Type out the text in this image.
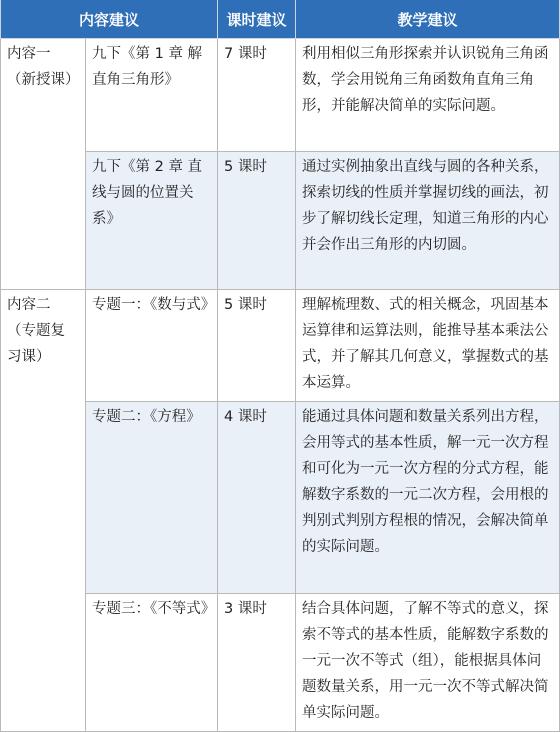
内容建议		课时建议	教学建议
内容一（新授课）	九下《第 1 章 解直角三角形》	7 课时	利用相似三角形探索并认识锐角三角函数，学会用锐角三角函数角直角三角形，并能解决简单的实际问题。
	九下《第 2 章 直线与圆的位置关系》	5 课时	通过实例抽象出直线与圆的各种关系，探索切线的性质并掌握切线的画法，初步了解切线长定理，知道三角形的内心并会作出三角形的内切圆。
内容二（专题复习课）	专题一：《数与式》	5 课时	理解梳理数、式的相关概念，巩固基本运算律和运算法则，能推导基本乘法公式，并了解其几何意义，掌握数式的基本运算。
	专题二：《方程》	4 课时	能通过具体问题和数量关系列出方程，会用等式的基本性质，解一元一次方程 和可化为一元一次方程的分式方程，能解数字系数的一元二次方程，会用根的判别式判别方程根的情况，会解决简单的实际问题。
	专题三：《不等式》	3 课时	结合具体问题，了解不等式的意义，探索不等式的基本性质，能解数字系数的一元一次不等式（组），能根据具体问题数量关系，用一元一次不等式解决简单实际问题。
